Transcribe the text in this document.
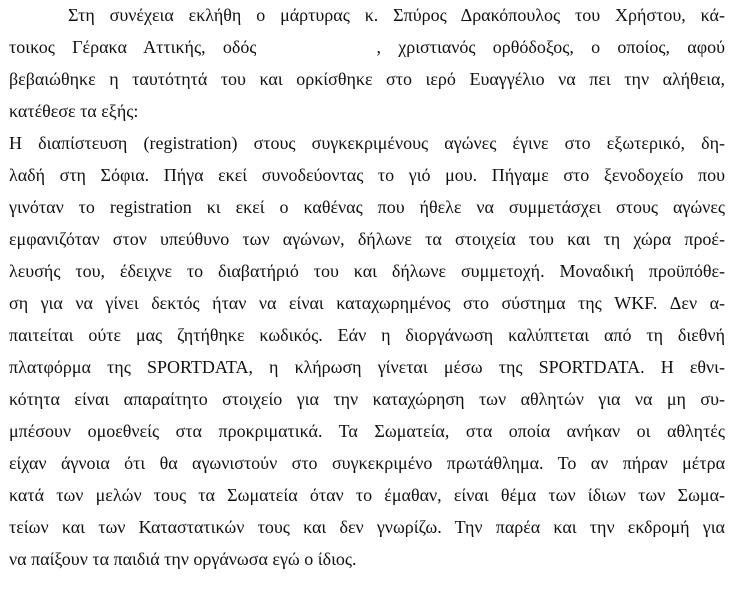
Στη συνέχεια εκλήθη ο μάρτυρας κ. Σπύρος Δρακόπουλος του Χρήστου, κά-
τοικος Γέρακα Αττικής, οδός	, χριστιανός ορθόδοξος, ο οποίος, αφού
βεβαιώθηκε η ταυτότητά του και ορκίσθηκε στο ιερό Ευαγγέλιο να πει την αλήθεια,
κατέθεσε τα εξής:
Η διαπίστευση (registration) στους συγκεκριμένους αγώνες έγινε στο εξωτερικό, δη-
λαδή στη Σόφια. Πήγα εκεί συνοδεύοντας το γιό μου. Πήγαμε στο ξενοδοχείο που
γινόταν το registration κι εκεί ο καθένας που ήθελε να συμμετάσχει στους αγώνες
εμφανιζόταν στον υπεύθυνο των αγώνων, δήλωνε τα στοιχεία του και τη χώρα προέ-
λευσής του, έδειχνε το διαβατήριό του και δήλωνε συμμετοχή. Μοναδική προϋπόθε-
ση για να γίνει δεκτός ήταν να είναι καταχωρημένος στο σύστημα της WKF. Δεν α-
παιτείται ούτε μας ζητήθηκε κωδικός. Εάν η διοργάνωση καλύπτεται από τη διεθνή
πλατφόρμα της SPORTDATA, η κλήρωση γίνεται μέσω της SPORTDATA. Η εθνι-
κότητα είναι απαραίτητο στοιχείο για την καταχώρηση των αθλητών για να μη συ-
μπέσουν ομοεθνείς στα προκριματικά. Τα Σωματεία, στα οποία ανήκαν οι αθλητές
είχαν άγνοια ότι θα αγωνιστούν στο συγκεκριμένο πρωτάθλημα. Το αν πήραν μέτρα
κατά των μελών τους τα Σωματεία όταν το έμαθαν, είναι θέμα των ίδιων των Σωμα-
τείων και των Καταστατικών τους και δεν γνωρίζω. Την παρέα και την εκδρομή για
να παίξουν τα παιδιά την οργάνωσα εγώ ο ίδιος.
